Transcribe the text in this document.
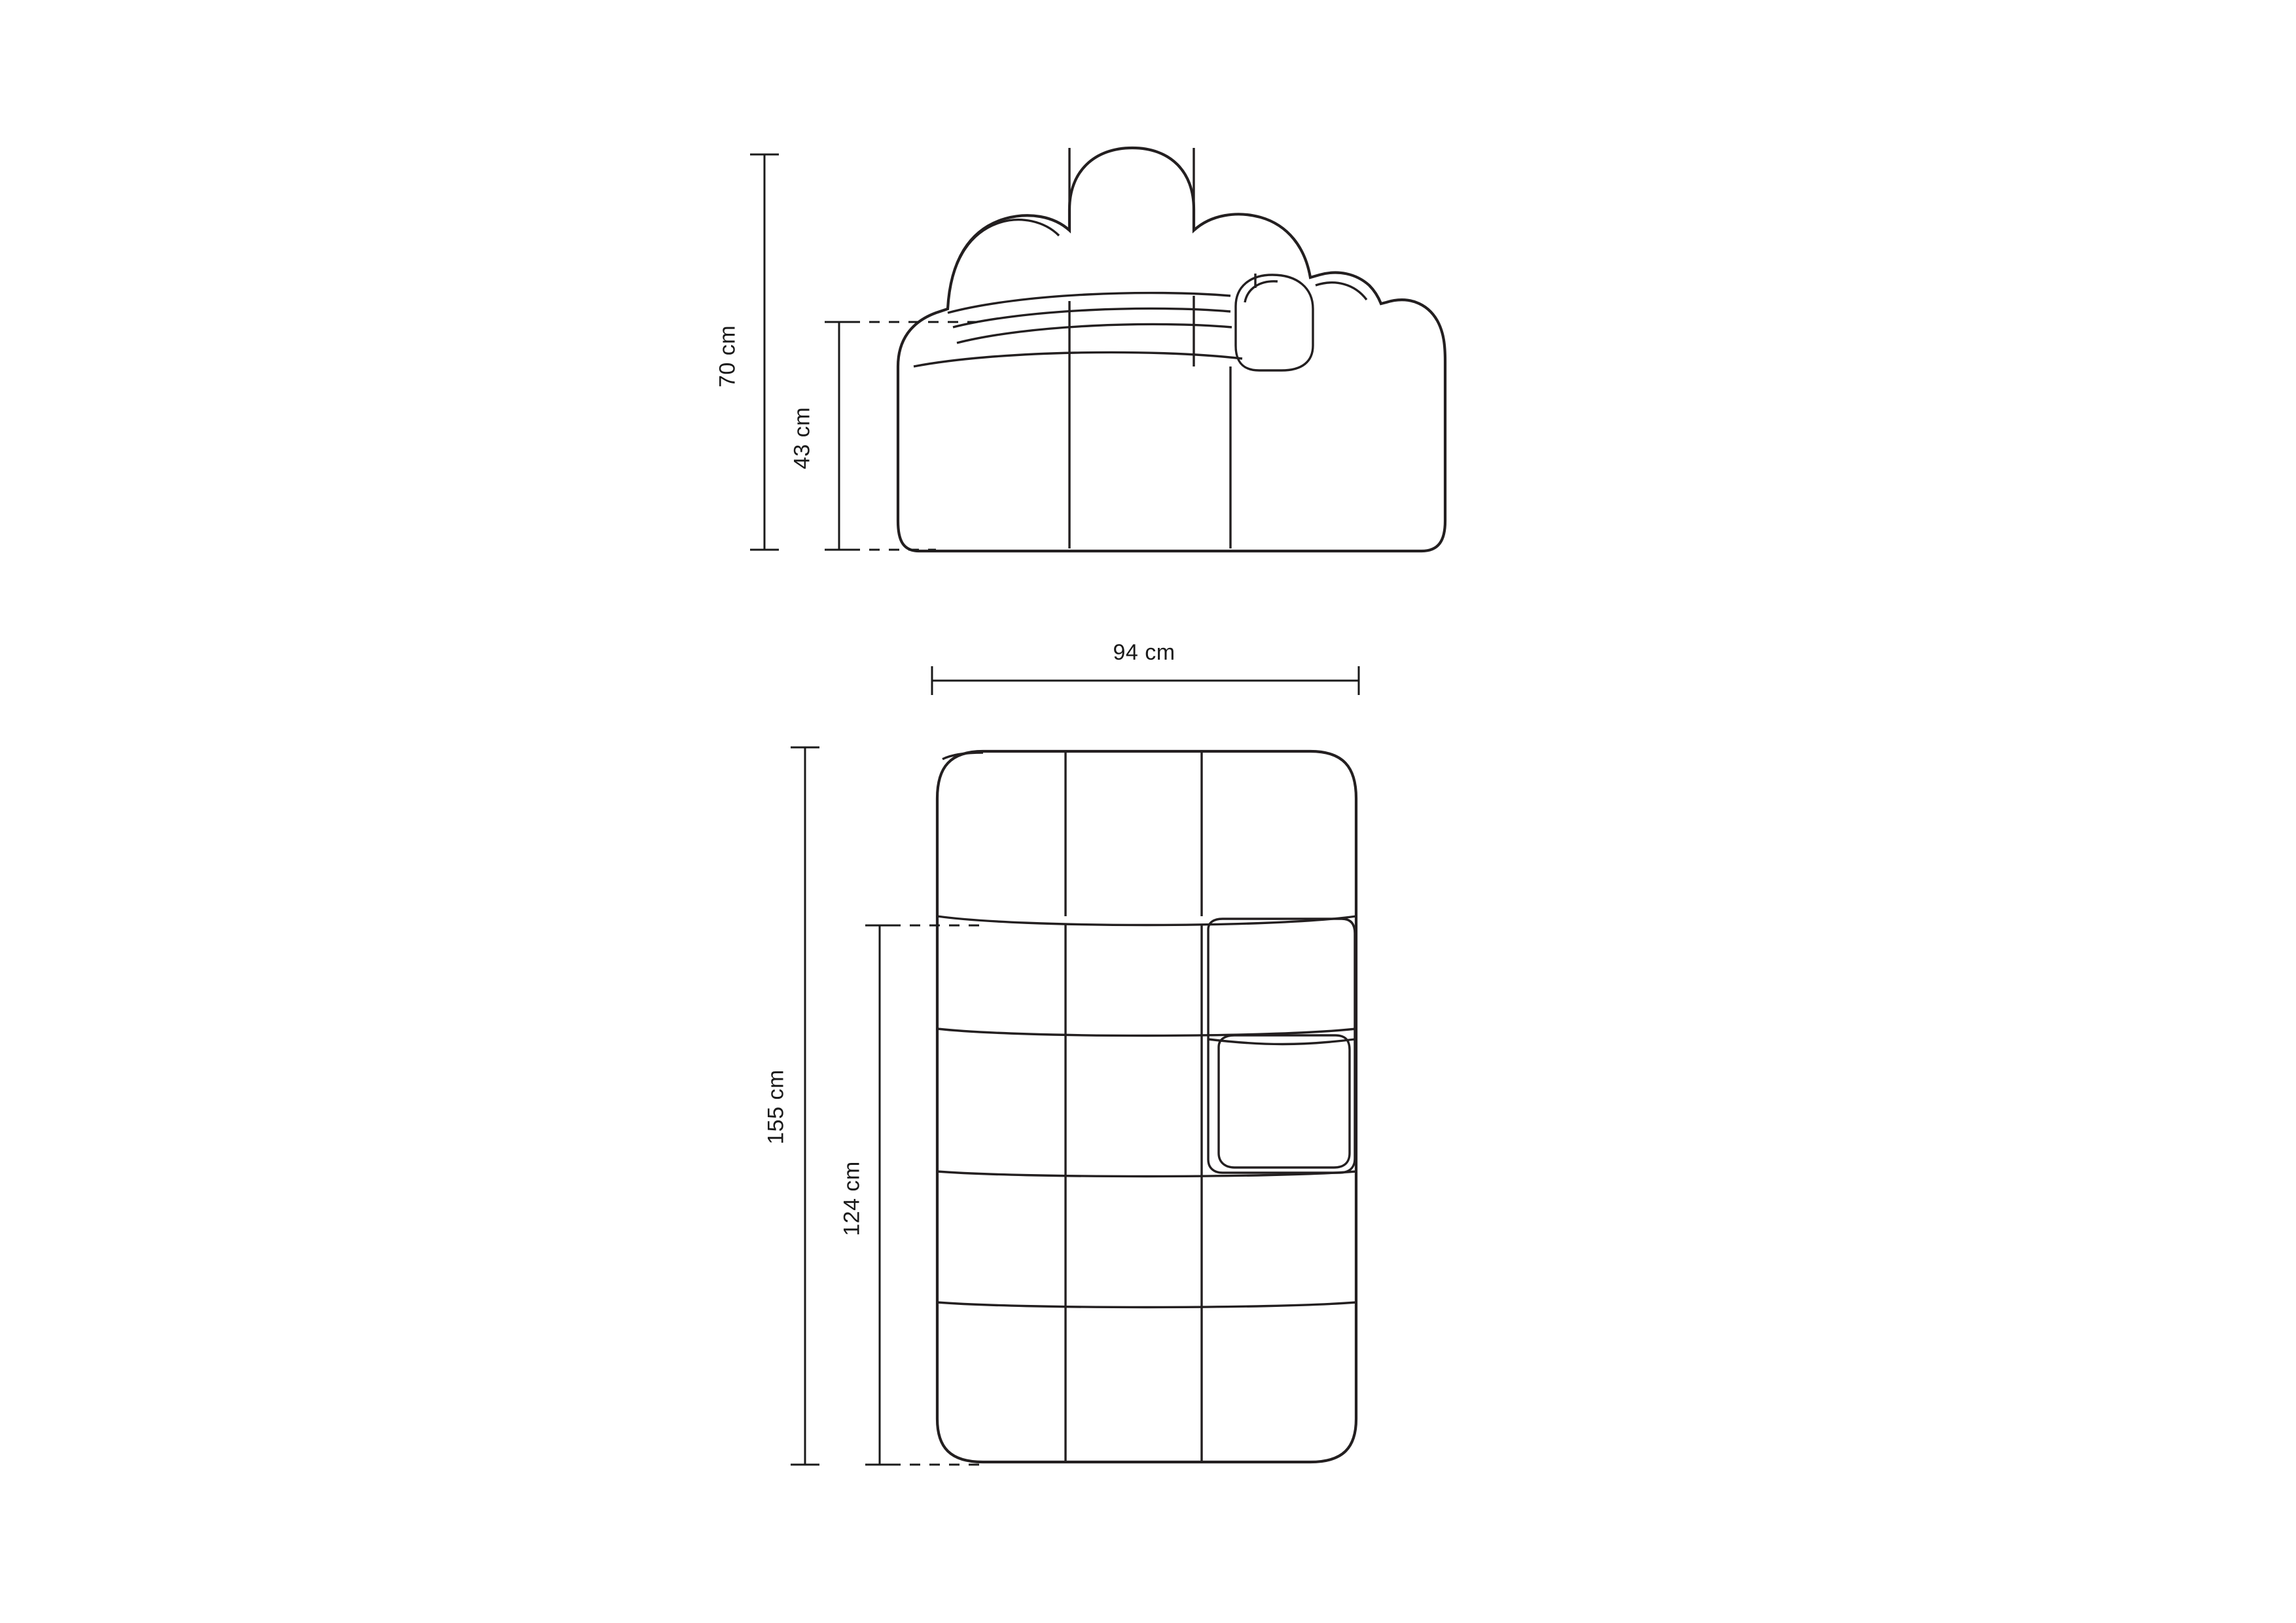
70 cm
43 cm
94 cm
155 cm
124 cm
